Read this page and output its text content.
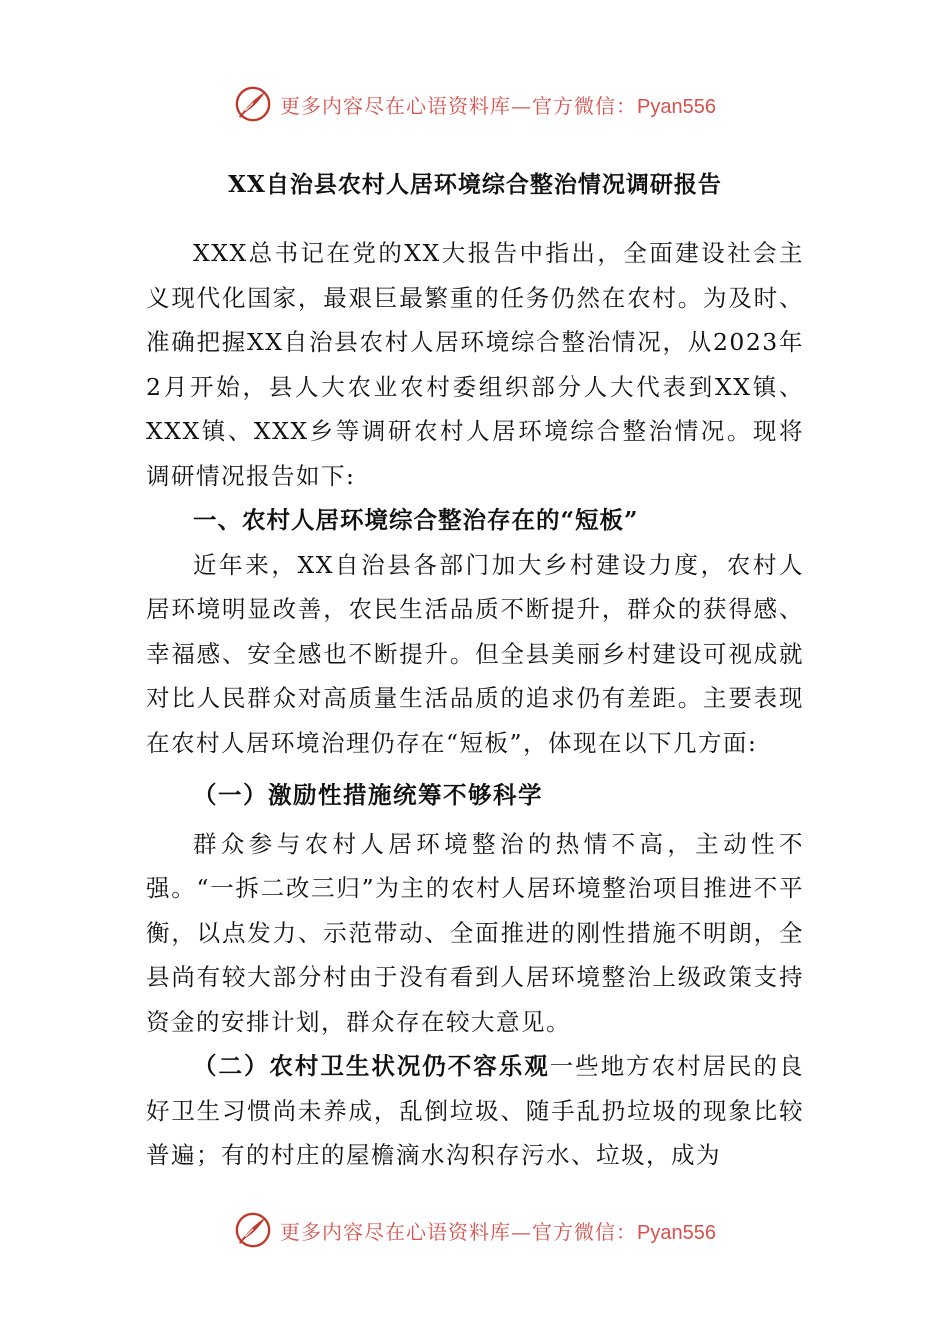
更多内容尽在心语资料库—官方微信：Pyan556
XX自治县农村人居环境综合整治情况调研报告

XXX总书记在党的XX大报告中指出，全面建设社会主义现代化国家，最艰巨最繁重的任务仍然在农村。为及时、准确把握XX自治县农村人居环境综合整治情况，从2023年2月开始，县人大农业农村委组织部分人大代表到XX镇、XXX镇、XXX乡等调研农村人居环境综合整治情况。现将调研情况报告如下:

一、农村人居环境综合整治存在的“短板”

近年来，XX自治县各部门加大乡村建设力度，农村人居环境明显改善，农民生活品质不断提升，群众的获得感、幸福感、安全感也不断提升。但全县美丽乡村建设可视成就对比人民群众对高质量生活品质的追求仍有差距。主要表现在农村人居环境治理仍存在“短板”，体现在以下几方面:

（一）激励性措施统筹不够科学

群众参与农村人居环境整治的热情不高，主动性不强。“一拆二改三归”为主的农村人居环境整治项目推进不平衡，以点发力、示范带动、全面推进的刚性措施不明朗，全县尚有较大部分村由于没有看到人居环境整治上级政策支持资金的安排计划，群众存在较大意见。

（二）农村卫生状况仍不容乐观一些地方农村居民的良好卫生习惯尚未养成，乱倒垃圾、随手乱扔垃圾的现象比较普遍；有的村庄的屋檐滴水沟积存污水、垃圾，成为

更多内容尽在心语资料库—官方微信：Pyan556
